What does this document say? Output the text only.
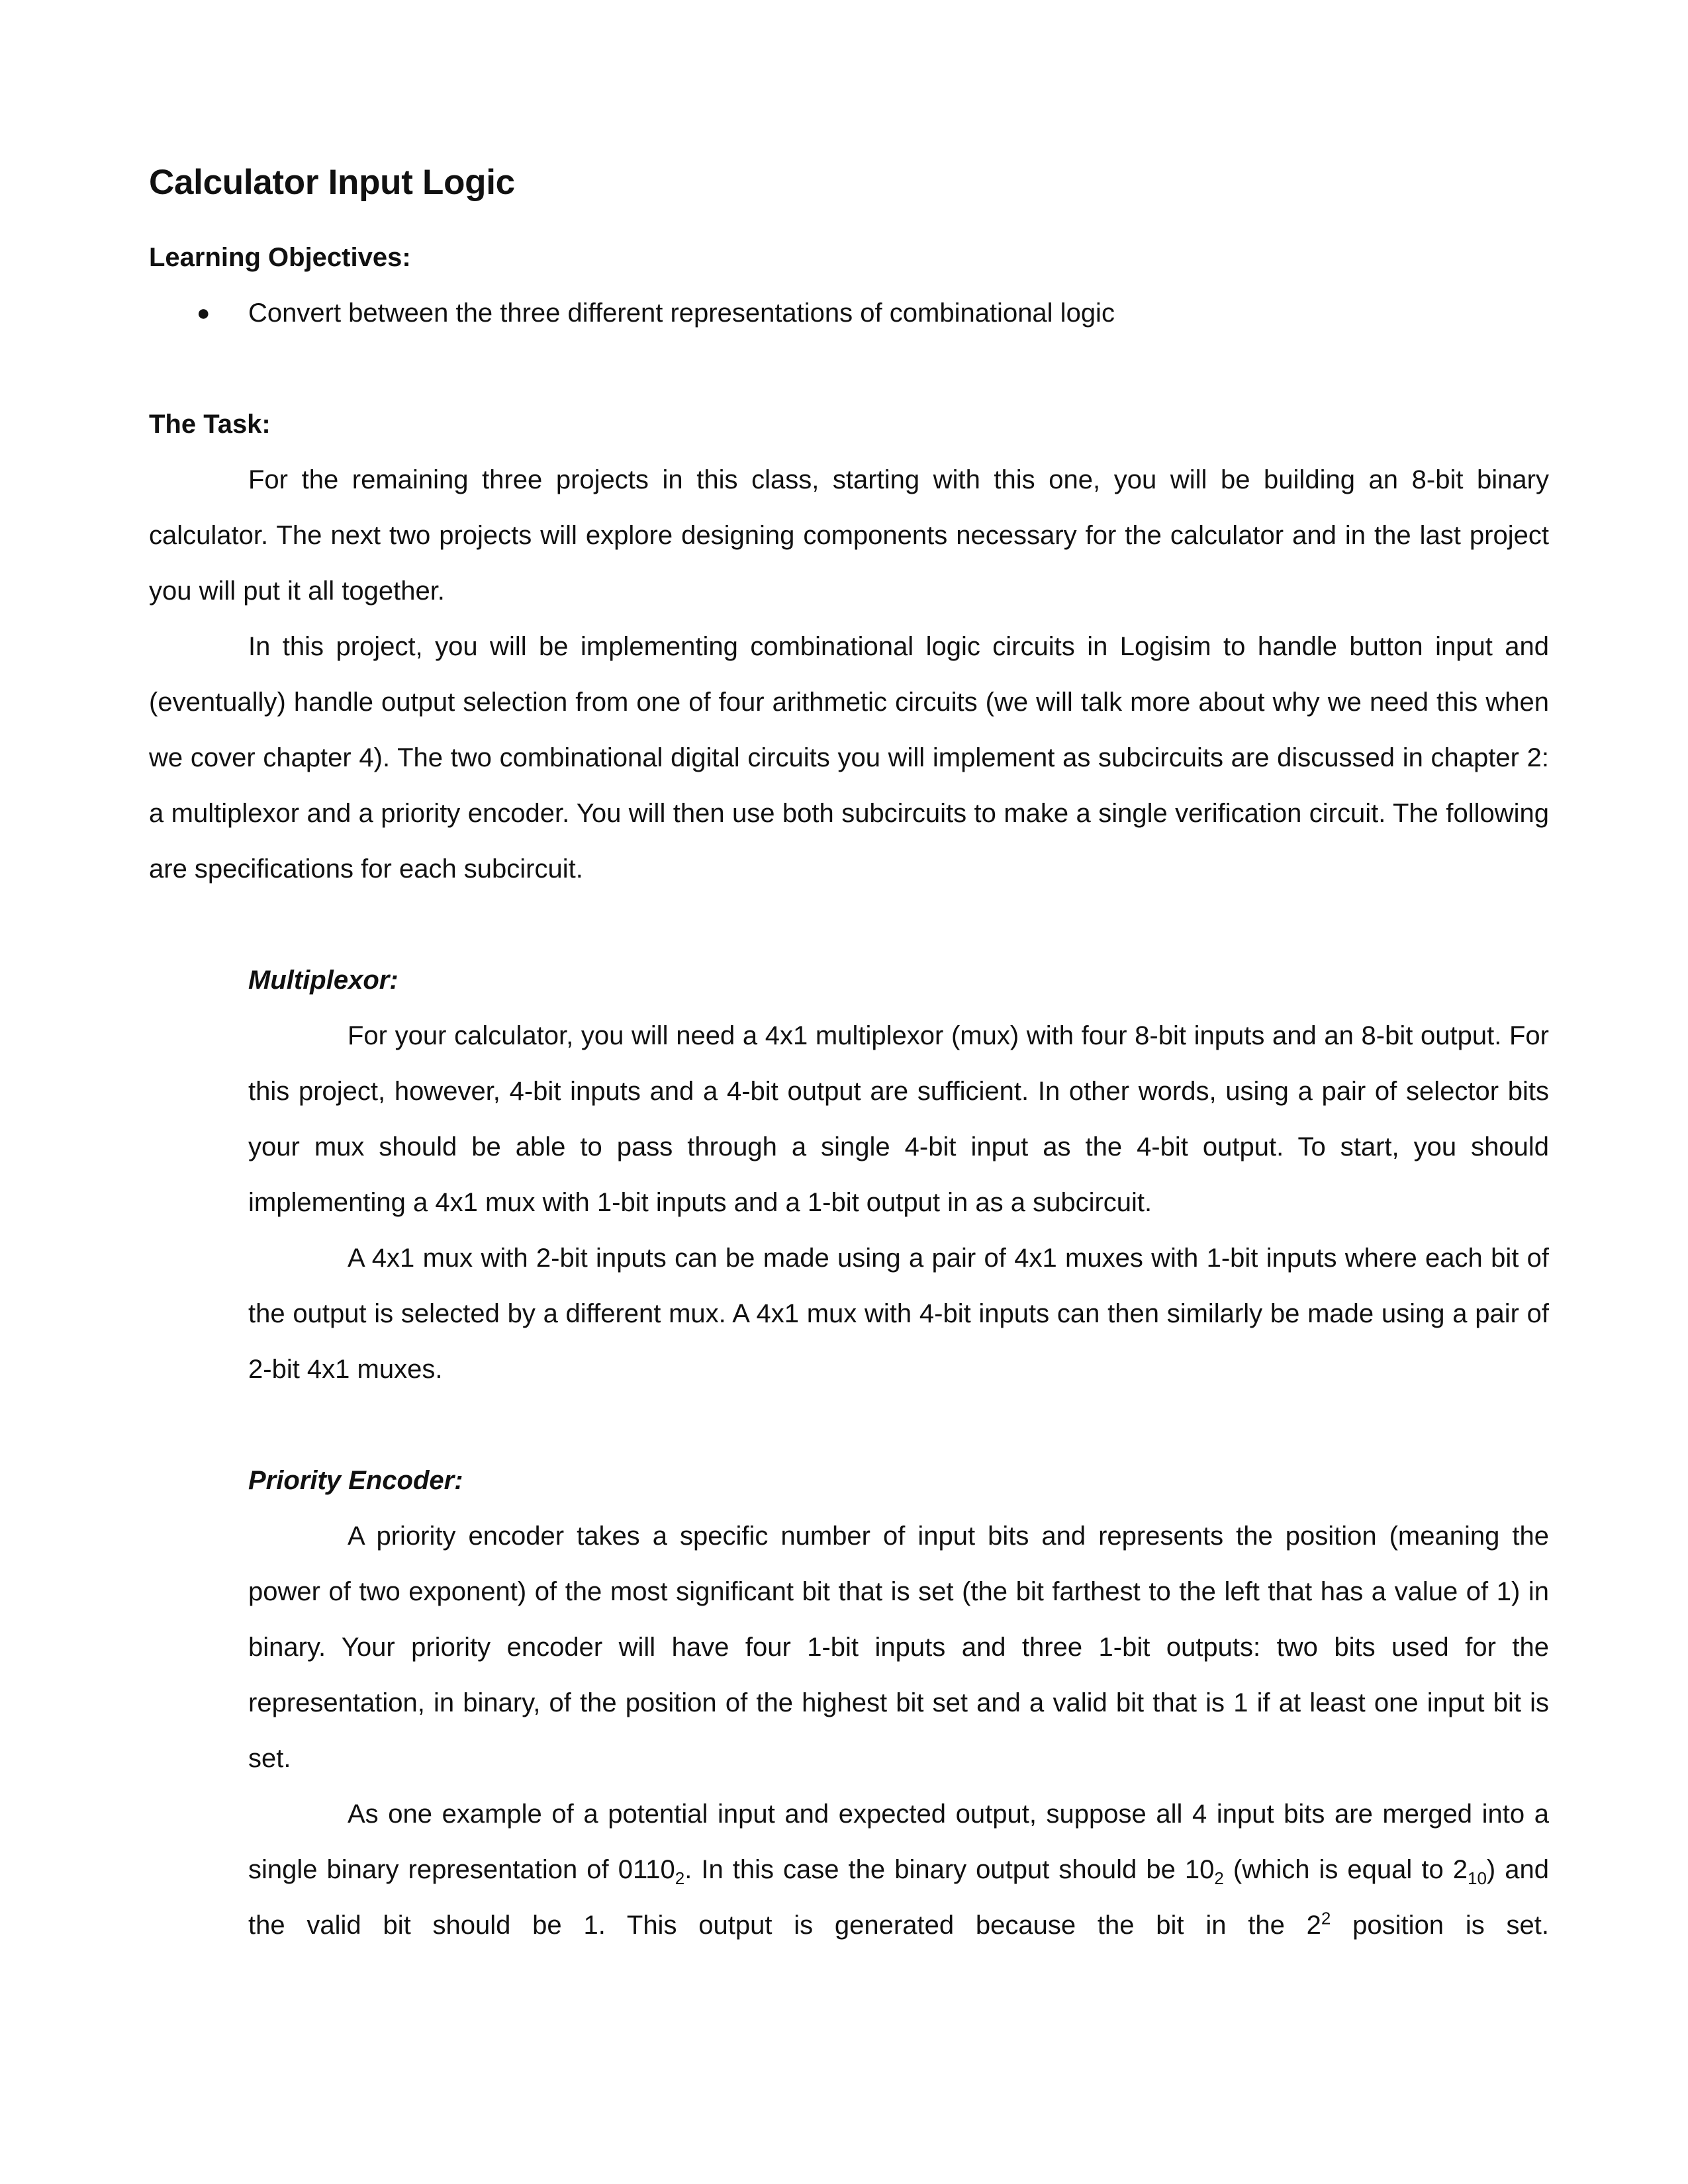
Calculator Input Logic
Learning Objectives:
● Convert between the three different representations of combinational logic
The Task:

For the remaining three projects in this class, starting with this one, you will be building an 8-bit binary calculator. The next two projects will explore designing components necessary for the calculator and in the last project you will put it all together.

In this project, you will be implementing combinational logic circuits in Logisim to handle button input and (eventually) handle output selection from one of four arithmetic circuits (we will talk more about why we need this when we cover chapter 4). The two combinational digital circuits you will implement as subcircuits are discussed in chapter 2: a multiplexor and a priority encoder. You will then use both subcircuits to make a single verification circuit. The following are specifications for each subcircuit.

Multiplexor:

For your calculator, you will need a 4x1 multiplexor (mux) with four 8-bit inputs and an 8-bit output. For this project, however, 4-bit inputs and a 4-bit output are sufficient. In other words, using a pair of selector bits your mux should be able to pass through a single 4-bit input as the 4-bit output. To start, you should implementing a 4x1 mux with 1-bit inputs and a 1-bit output in as a subcircuit.

A 4x1 mux with 2-bit inputs can be made using a pair of 4x1 muxes with 1-bit inputs where each bit of the output is selected by a different mux. A 4x1 mux with 4-bit inputs can then similarly be made using a pair of 2-bit 4x1 muxes.

Priority Encoder:

A priority encoder takes a specific number of input bits and represents the position (meaning the power of two exponent) of the most significant bit that is set (the bit farthest to the left that has a value of 1) in binary. Your priority encoder will have four 1-bit inputs and three 1-bit outputs: two bits used for the representation, in binary, of the position of the highest bit set and a valid bit that is 1 if at least one input bit is set.

As one example of a potential input and expected output, suppose all 4 input bits are merged into a single binary representation of $0110_2$. In this case the binary output should be $10_2$ (which is equal to $2_{10}$) and the valid bit should be 1. This output is generated because the bit in the $2^2$ position is set.
